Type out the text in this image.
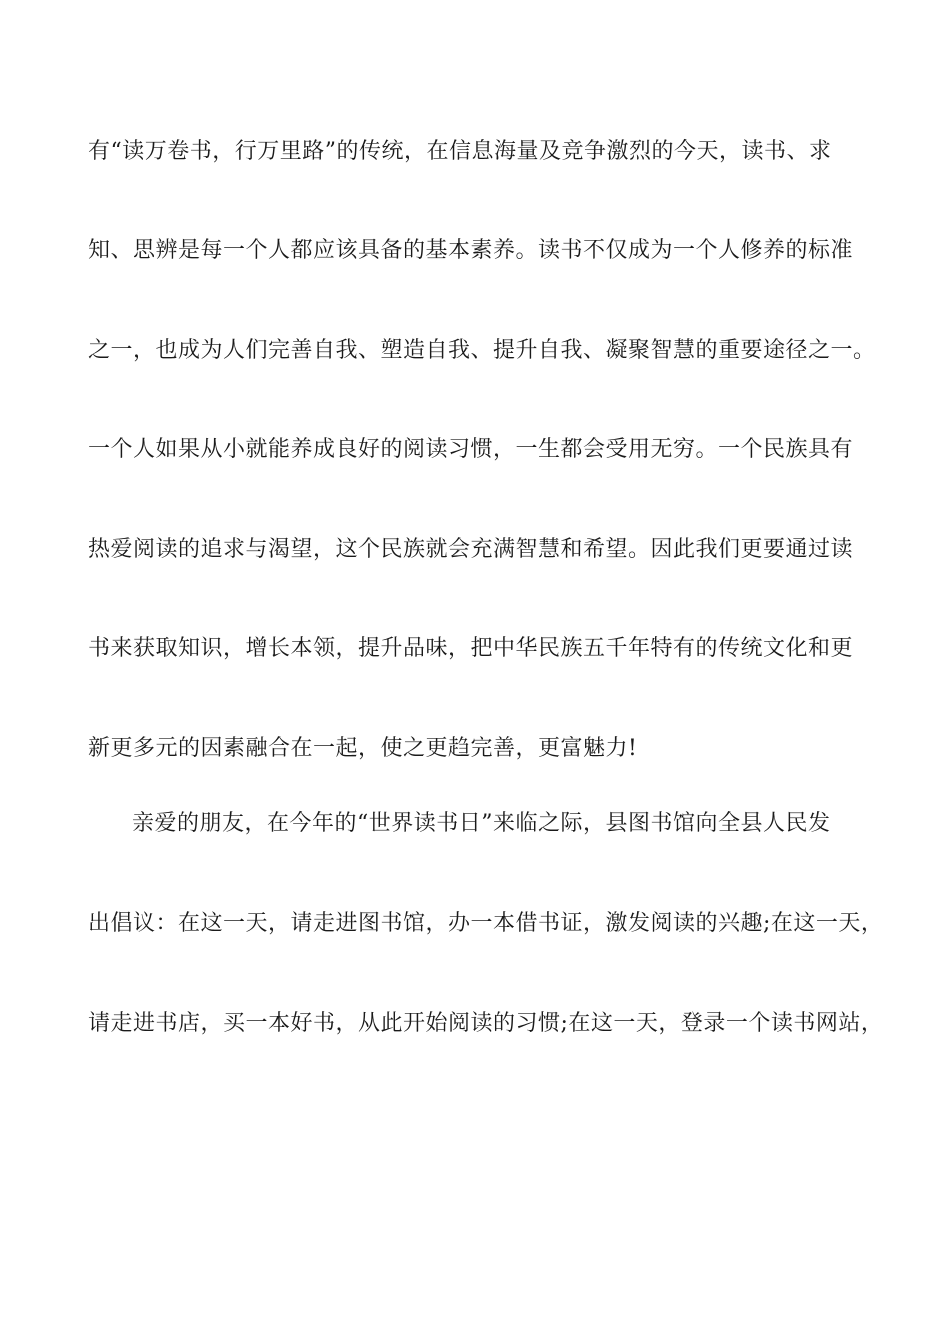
有“读万卷书，行万里路”的传统，在信息海量及竞争激烈的今天，读书、求
知、思辨是每一个人都应该具备的基本素养。读书不仅成为一个人修养的标准
之一，也成为人们完善自我、塑造自我、提升自我、凝聚智慧的重要途径之一。
一个人如果从小就能养成良好的阅读习惯，一生都会受用无穷。一个民族具有
热爱阅读的追求与渴望，这个民族就会充满智慧和希望。因此我们更要通过读
书来获取知识，增长本领，提升品味，把中华民族五千年特有的传统文化和更
新更多元的因素融合在一起，使之更趋完善，更富魅力!
亲爱的朋友，在今年的“世界读书日”来临之际，县图书馆向全县人民发
出倡议：在这一天，请走进图书馆，办一本借书证，激发阅读的兴趣;在这一天，
请走进书店，买一本好书，从此开始阅读的习惯;在这一天，登录一个读书网站，
